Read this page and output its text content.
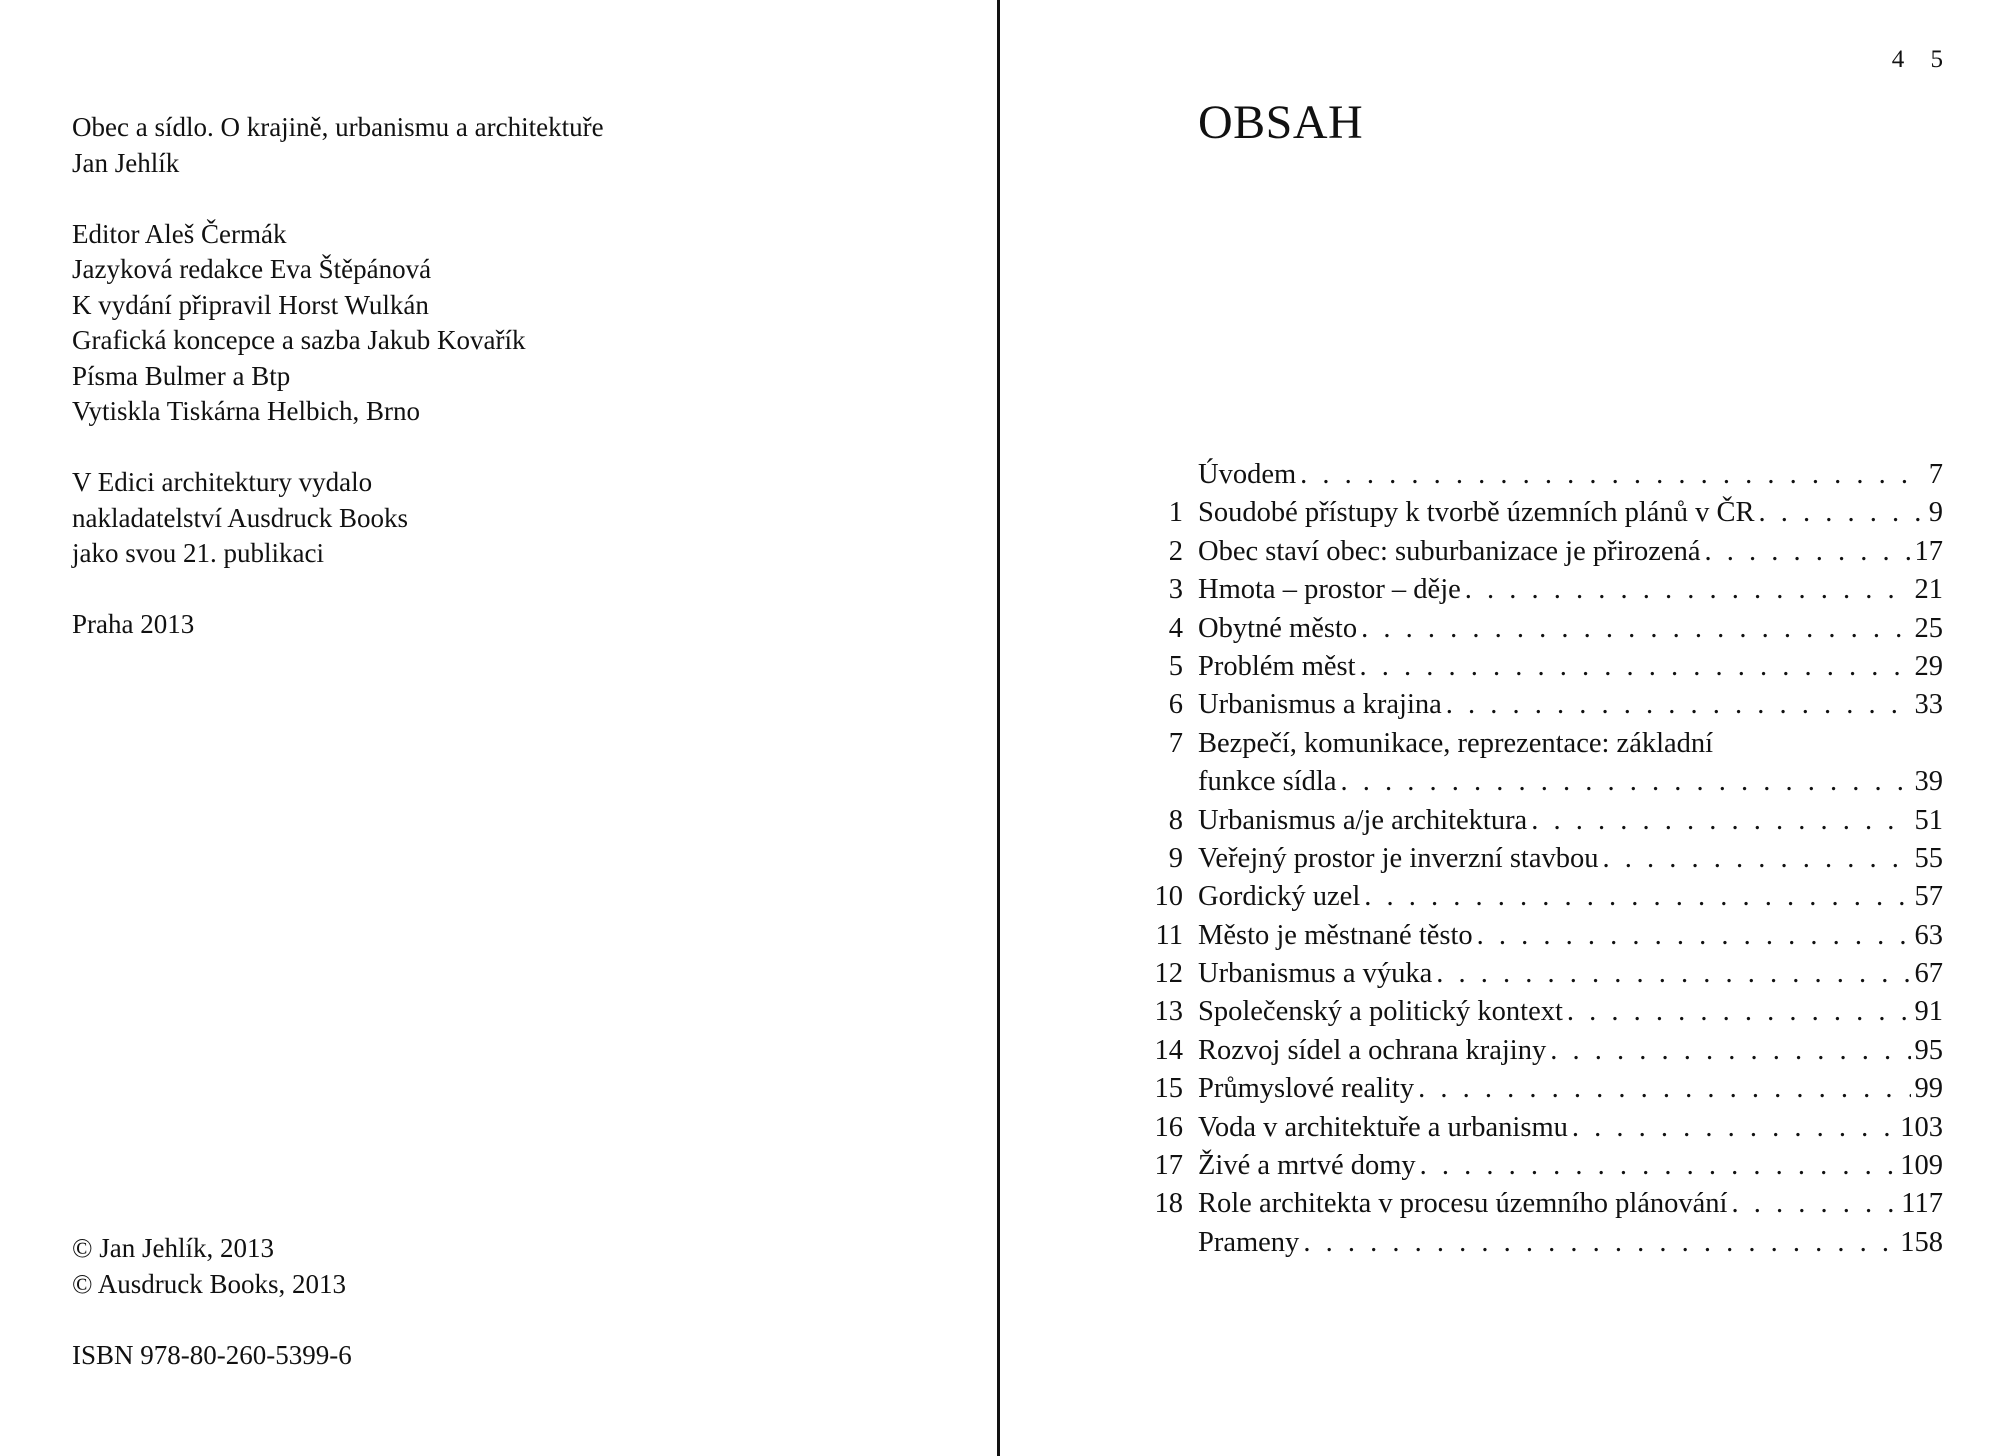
Obec a sídlo. O krajině, urbanismu a architektuře
Jan Jehlík
Editor Aleš Čermák
Jazyková redakce Eva Štěpánová
K vydání připravil Horst Wulkán
Grafická koncepce a sazba Jakub Kovařík
Písma Bulmer a Btp
Vytiskla Tiskárna Helbich, Brno
V Edici architektury vydalo
nakladatelství Ausdruck Books
jako svou 21. publikaci
Praha 2013
© Jan Jehlík, 2013
© Ausdruck Books, 2013
ISBN 978-80-260-5399-6
4 5
OBSAH
Úvodem . . .	7
1 Soudobé přístupy k tvorbě územních plánů v ČR . . .	9
2 Obec staví obec: suburbanizace je přirozená . . .	17
3 Hmota – prostor – děje . . .	21
4 Obytné město . . .	25
5 Problém měst . . .	29
6 Urbanismus a krajina . . .	33
7 Bezpečí, komunikace, reprezentace: základní
funkce sídla . . .	39
8 Urbanismus a/je architektura . . .	51
9 Veřejný prostor je inverzní stavbou . . .	55
10 Gordický uzel . . .	57
11 Město je městnané těsto . . .	63
12 Urbanismus a výuka . . .	67
13 Společenský a politický kontext . . .	91
14 Rozvoj sídel a ochrana krajiny . . .	95
15 Průmyslové reality . . .	99
16 Voda v architektuře a urbanismu . . .	103
17 Živé a mrtvé domy . . .	109
18 Role architekta v procesu územního plánování . . .	117
Prameny . . .	158
